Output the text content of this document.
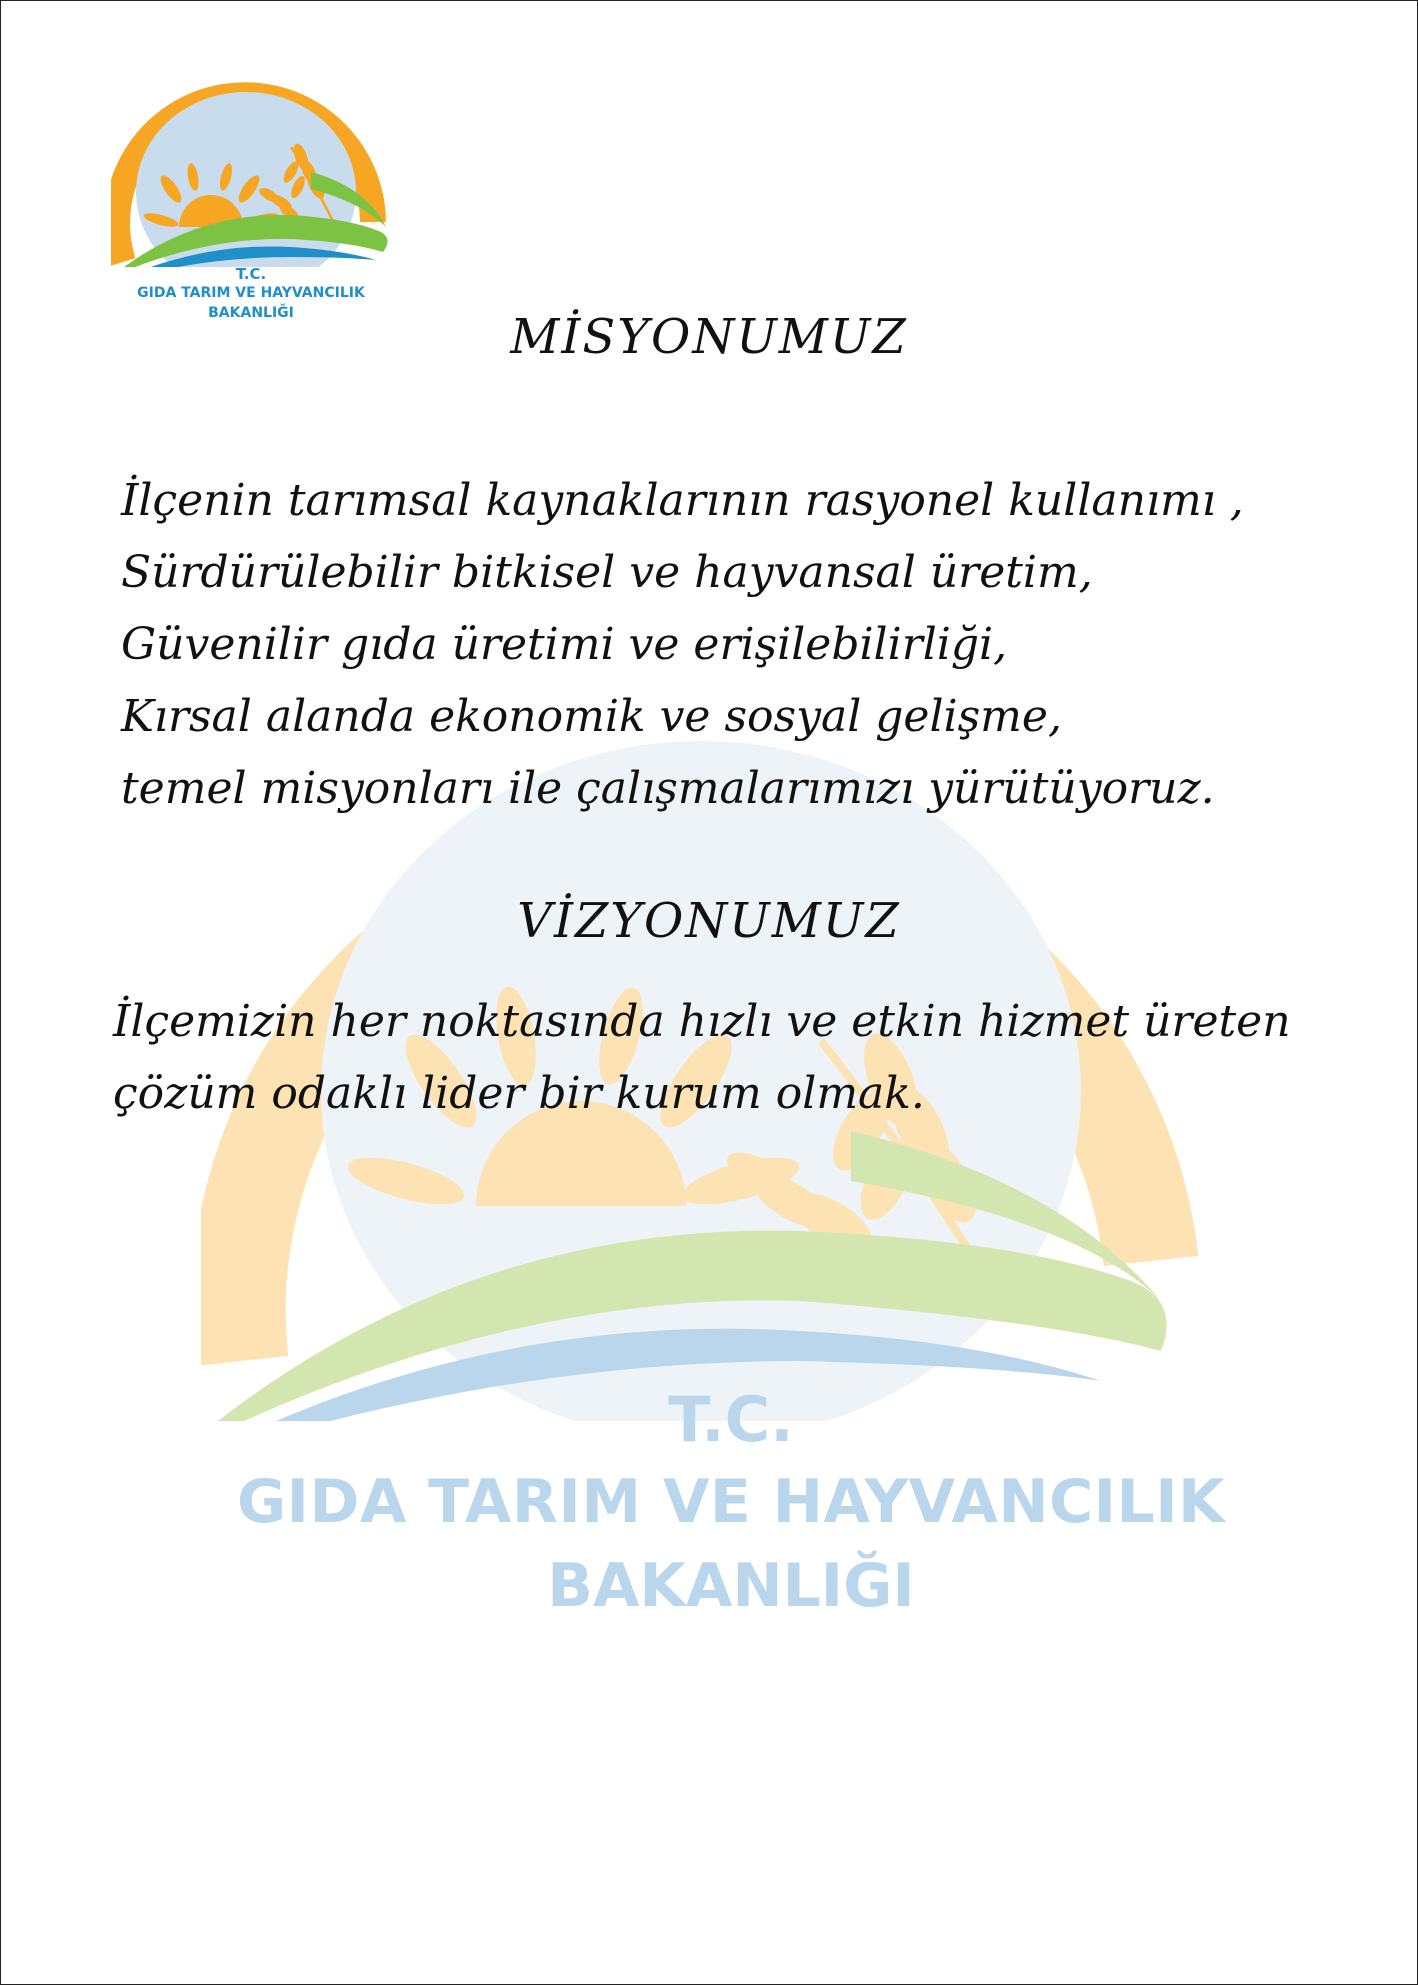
T.C.
GIDA TARIM VE HAYVANCILIK
BAKANLIĞI
T.C.
GIDA TARIM VE HAYVANCILIK
BAKANLIĞI	MİSYONUMUZ
İlçenin tarımsal kaynaklarının rasyonel kullanımı ,
Sürdürülebilir bitkisel ve hayvansal üretim,
Güvenilir gıda üretimi ve erişilebilirliği,
Kırsal alanda ekonomik ve sosyal gelişme,
temel misyonları ile çalışmalarımızı yürütüyoruz.
VİZYONUMUZ
İlçemizin her noktasında hızlı ve etkin hizmet üreten
çözüm odaklı lider bir kurum olmak.
